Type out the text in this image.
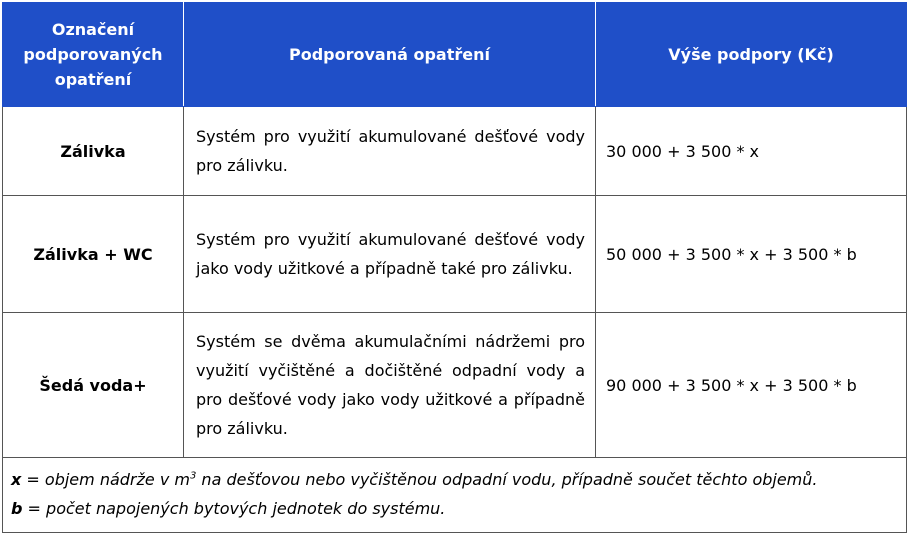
Označení podporovaných opatření	Podporovaná opatření	Výše podpory (Kč)
Zálivka	Systém pro využití akumulované dešťové vody pro zálivku.	30 000 + 3 500 * x
Zálivka + WC	Systém pro využití akumulované dešťové vody jako vody užitkové a případně také pro zálivku.	50 000 + 3 500 * x + 3 500 * b
Šedá voda+	Systém se dvěma akumulačními nádržemi pro využití vyčištěné a dočištěné odpadní vody a pro dešťové vody jako vody užitkové a případně pro zálivku.	90 000 + 3 500 * x + 3 500 * b

x = objem nádrže v $m^3$ na dešťovou nebo vyčištěnou odpadní vodu, případně součet těchto objemů.
b = počet napojených bytových jednotek do systému.		
